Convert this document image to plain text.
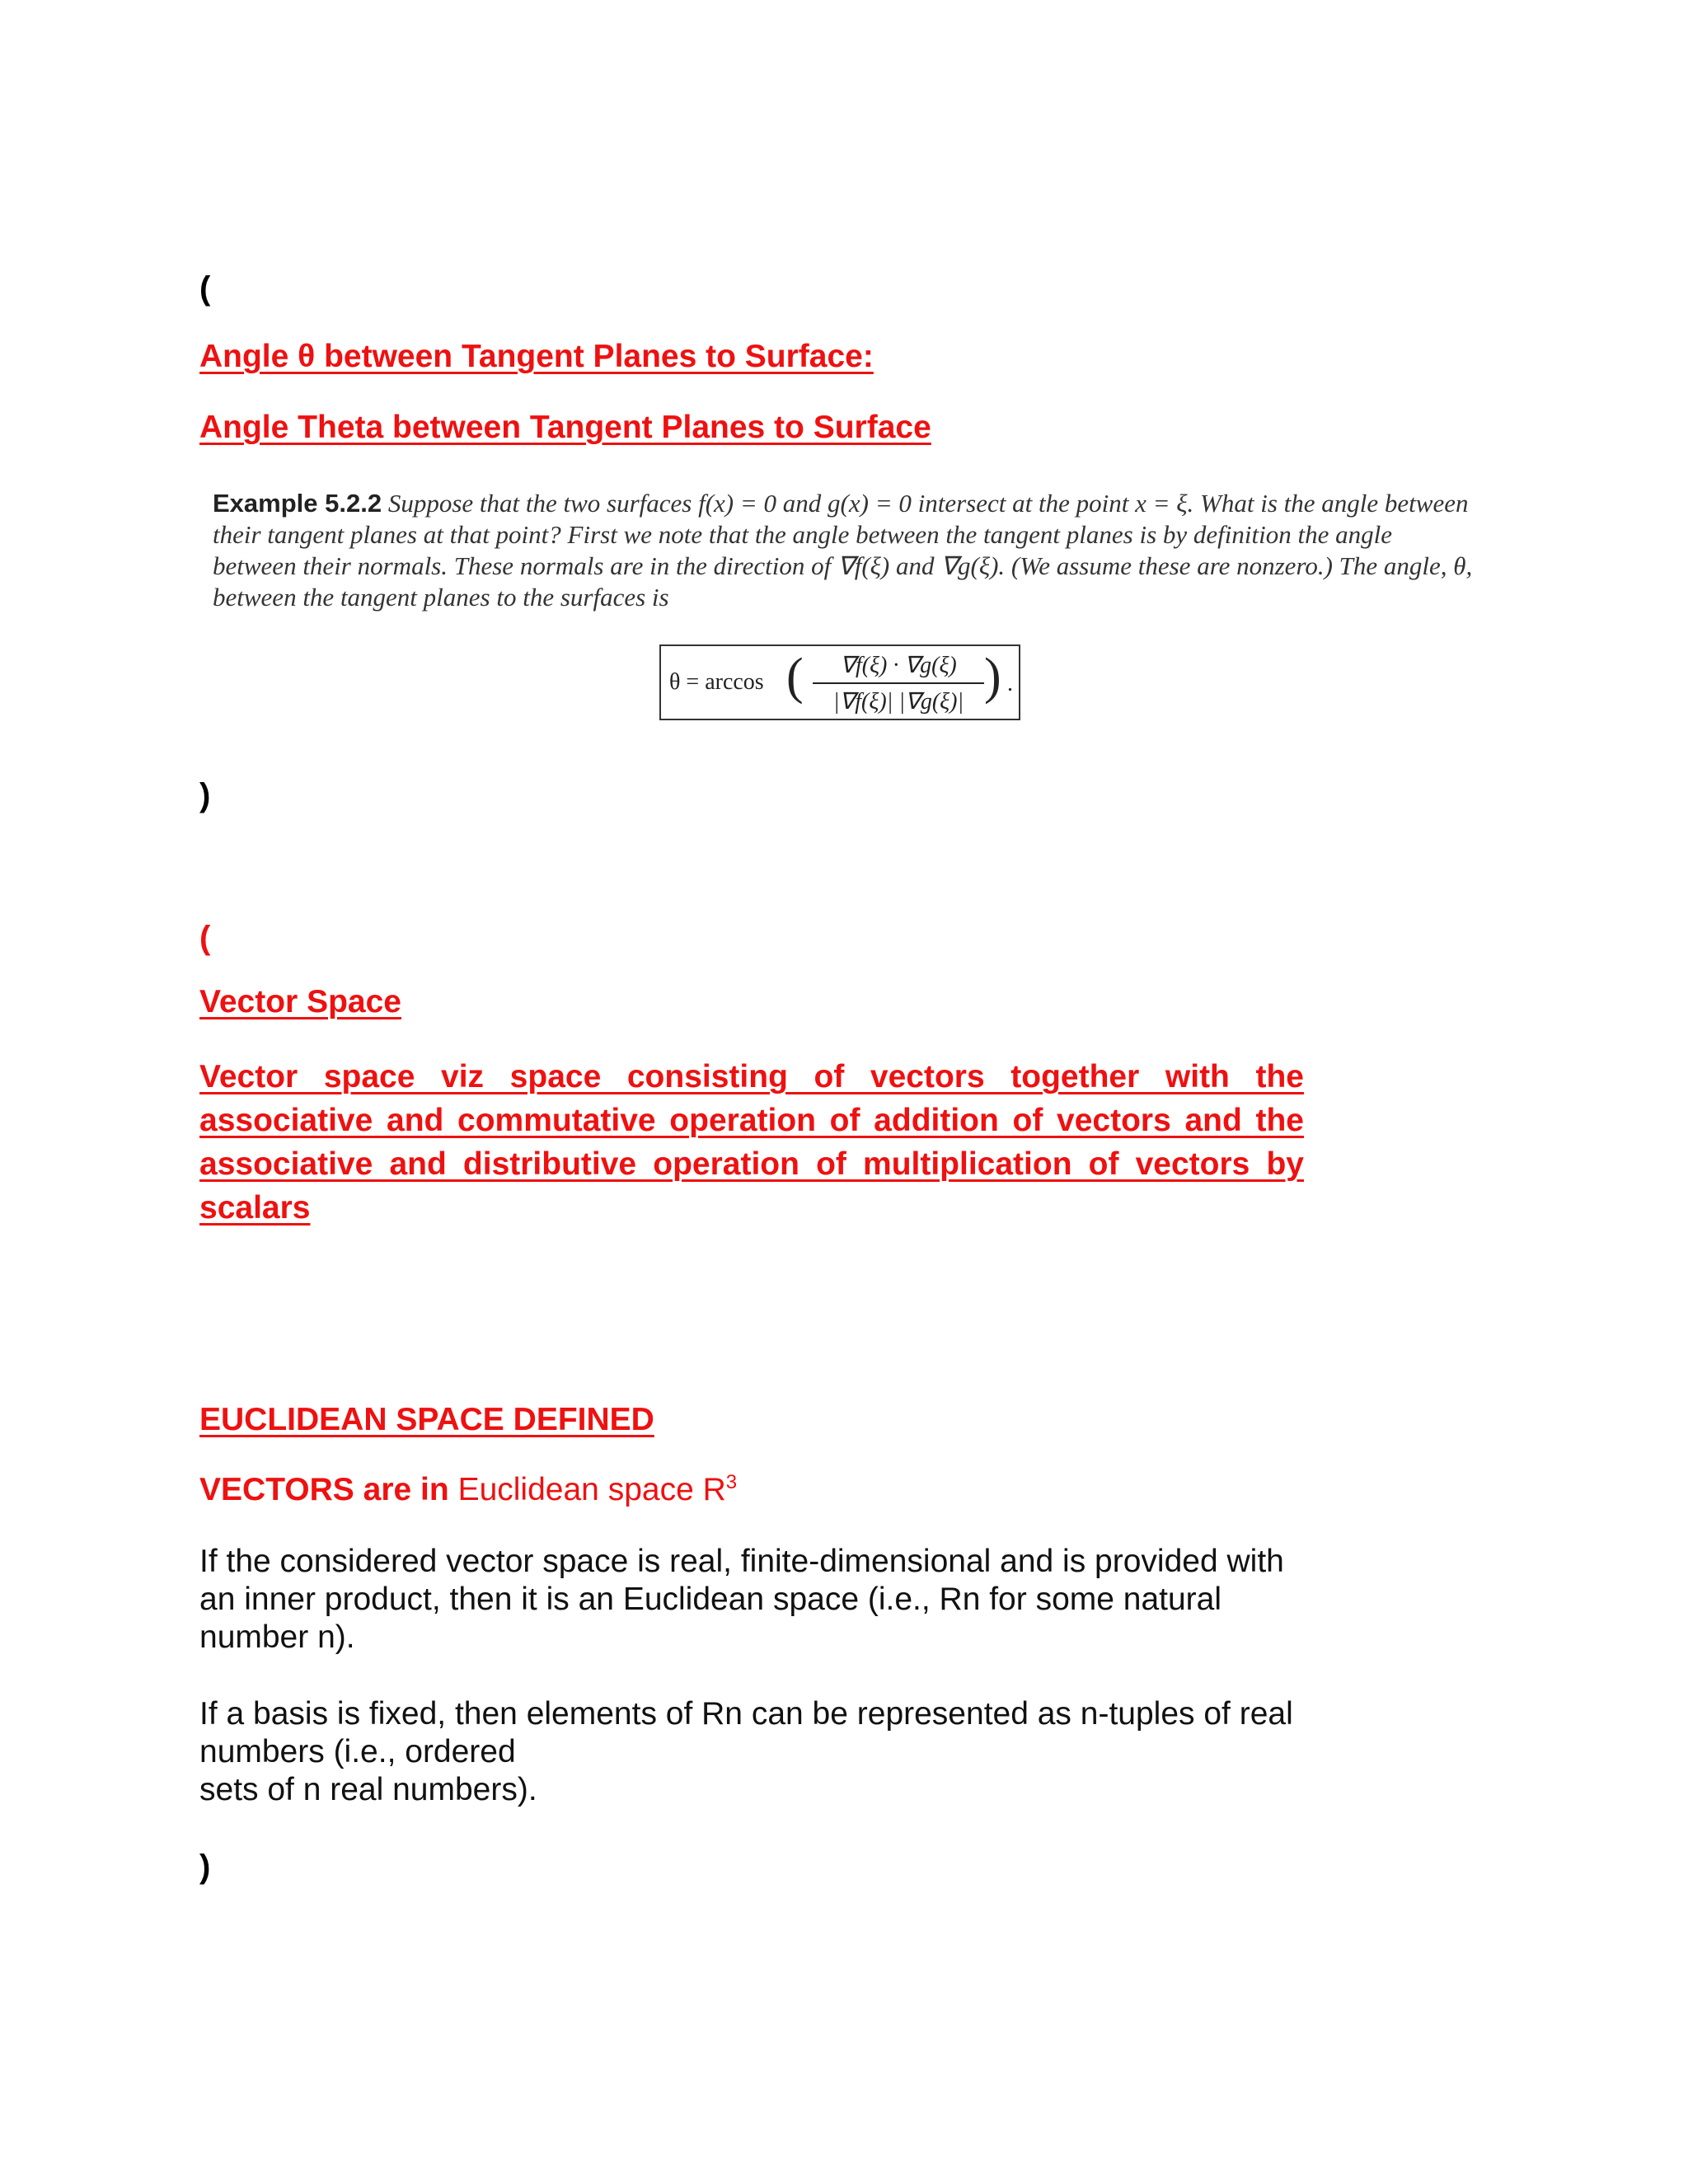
(
Angle θ between Tangent Planes to Surface:
Angle Theta between Tangent Planes to Surface
Example 5.2.2 Suppose that the two surfaces f(x) = 0 and g(x) = 0 intersect at the point x = ξ. What is the angle between their tangent planes at that point? First we note that the angle between the tangent planes is by definition the angle between their normals. These normals are in the direction of ∇f(ξ) and ∇g(ξ). (We assume these are nonzero.) The angle, θ, between the tangent planes to the surfaces is
θ = arccos (	∇f(ξ) · ∇g(ξ)
|∇f(ξ)| |∇g(ξ)| ) .
)
(
Vector Space
Vector space viz space consisting of vectors together with the associative and commutative operation of addition of vectors and the associative and distributive operation of multiplication of vectors by scalars
EUCLIDEAN SPACE DEFINED
VECTORS are in Euclidean space $R^3$
If the considered vector space is real, finite-dimensional and is provided with an inner product, then it is an Euclidean space (i.e., Rn for some natural number n).
If a basis is fixed, then elements of Rn can be represented as n-tuples of real numbers (i.e., ordered
sets of n real numbers).
)
